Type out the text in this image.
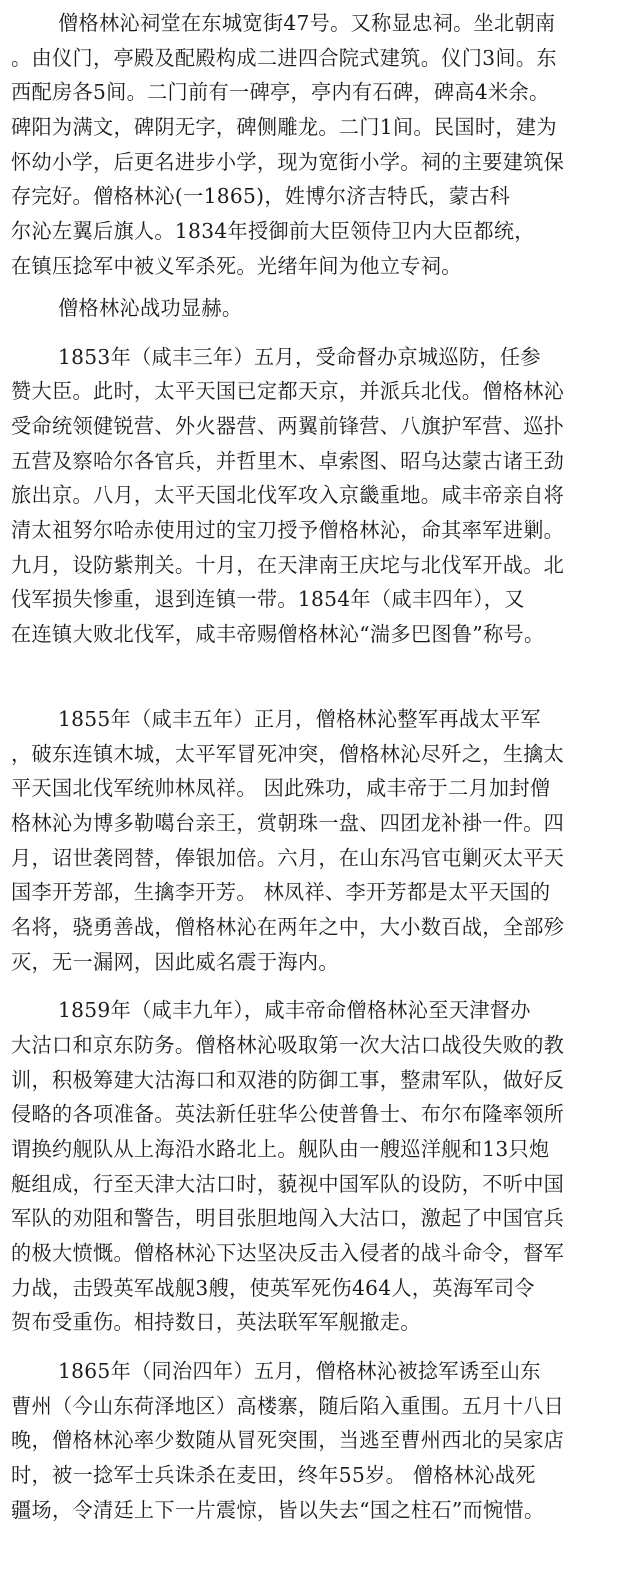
僧格林沁祠堂在东城宽街47号。又称显忠祠。坐北朝南
。由仪门，亭殿及配殿构成二进四合院式建筑。仪门3间。东
西配房各5间。二门前有一碑亭，亭内有石碑，碑高4米余。
碑阳为满文，碑阴无字，碑侧雕龙。二门1间。民国时，建为
怀幼小学，后更名进步小学，现为宽街小学。祠的主要建筑保
存完好。僧格林沁(一1865)，姓博尔济吉特氏，蒙古科
尔沁左翼后旗人。1834年授御前大臣领侍卫内大臣都统，
在镇压捻军中被义军杀死。光绪年间为他立专祠。
僧格林沁战功显赫。
1853年（咸丰三年）五月，受命督办京城巡防，任参
赞大臣。此时，太平天国已定都天京，并派兵北伐。僧格林沁
受命统领健锐营、外火器营、两翼前锋营、八旗护军营、巡扑
五营及察哈尔各官兵，并哲里木、卓索图、昭乌达蒙古诸王劲
旅出京。八月，太平天国北伐军攻入京畿重地。咸丰帝亲自将
清太祖努尔哈赤使用过的宝刀授予僧格林沁，命其率军进剿。
九月，设防紫荆关。十月，在天津南王庆坨与北伐军开战。北
伐军损失惨重，退到连镇一带。1854年（咸丰四年），又
在连镇大败北伐军，咸丰帝赐僧格林沁“湍多巴图鲁”称号。
1855年（咸丰五年）正月，僧格林沁整军再战太平军
，破东连镇木城，太平军冒死冲突，僧格林沁尽歼之，生擒太
平天国北伐军统帅林凤祥。 因此殊功，咸丰帝于二月加封僧
格林沁为博多勒噶台亲王，赏朝珠一盘、四团龙补褂一件。四
月，诏世袭罔替，俸银加倍。六月，在山东冯官屯剿灭太平天
国李开芳部，生擒李开芳。 林凤祥、李开芳都是太平天国的
名将，骁勇善战，僧格林沁在两年之中，大小数百战，全部殄
灭，无一漏网，因此威名震于海内。
1859年（咸丰九年），咸丰帝命僧格林沁至天津督办
大沽口和京东防务。僧格林沁吸取第一次大沽口战役失败的教
训，积极筹建大沽海口和双港的防御工事，整肃军队，做好反
侵略的各项准备。英法新任驻华公使普鲁士、布尔布隆率领所
谓换约舰队从上海沿水路北上。舰队由一艘巡洋舰和13只炮
艇组成，行至天津大沽口时，藐视中国军队的设防，不听中国
军队的劝阻和警告，明目张胆地闯入大沽口，激起了中国官兵
的极大愤慨。僧格林沁下达坚决反击入侵者的战斗命令，督军
力战，击毁英军战舰3艘，使英军死伤464人，英海军司令
贺布受重伤。相持数日，英法联军军舰撤走。
1865年（同治四年）五月，僧格林沁被捻军诱至山东
曹州（今山东荷泽地区）高楼寨，随后陷入重围。五月十八日
晚，僧格林沁率少数随从冒死突围，当逃至曹州西北的吴家店
时，被一捻军士兵诛杀在麦田，终年55岁。 僧格林沁战死
疆场，令清廷上下一片震惊，皆以失去“国之柱石”而惋惜。
